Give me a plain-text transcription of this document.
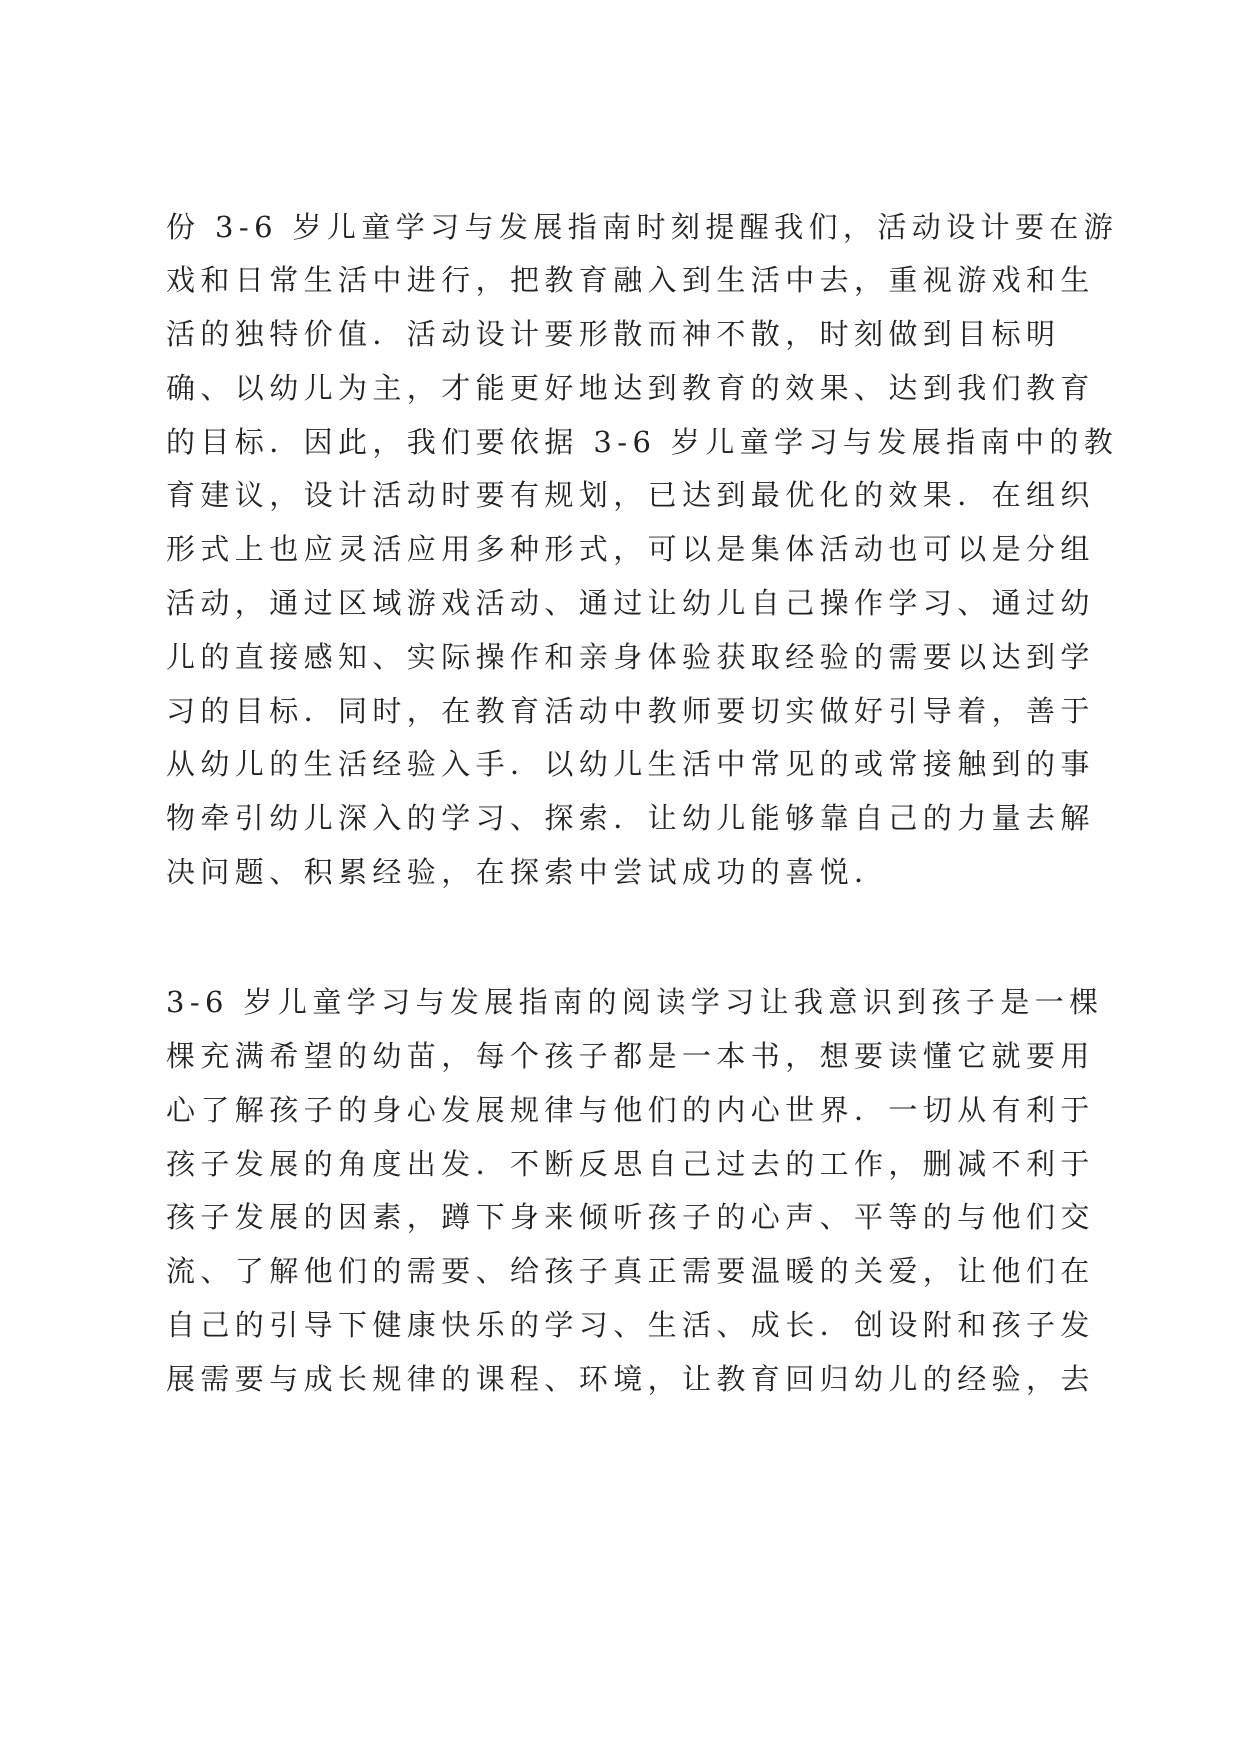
份 3-6 岁儿童学习与发展指南时刻提醒我们，活动设计要在游
戏和日常生活中进行，把教育融入到生活中去，重视游戏和生
活的独特价值．活动设计要形散而神不散，时刻做到目标明
确、以幼儿为主，才能更好地达到教育的效果、达到我们教育
的目标．因此，我们要依据 3-6 岁儿童学习与发展指南中的教
育建议，设计活动时要有规划，已达到最优化的效果．在组织
形式上也应灵活应用多种形式，可以是集体活动也可以是分组
活动，通过区域游戏活动、通过让幼儿自己操作学习、通过幼
儿的直接感知、实际操作和亲身体验获取经验的需要以达到学
习的目标．同时，在教育活动中教师要切实做好引导着，善于
从幼儿的生活经验入手．以幼儿生活中常见的或常接触到的事
物牵引幼儿深入的学习、探索．让幼儿能够靠自己的力量去解
决问题、积累经验，在探索中尝试成功的喜悦．
3-6 岁儿童学习与发展指南的阅读学习让我意识到孩子是一棵
棵充满希望的幼苗，每个孩子都是一本书，想要读懂它就要用
心了解孩子的身心发展规律与他们的内心世界．一切从有利于
孩子发展的角度出发．不断反思自己过去的工作，删减不利于
孩子发展的因素，蹲下身来倾听孩子的心声、平等的与他们交
流、了解他们的需要、给孩子真正需要温暖的关爱，让他们在
自己的引导下健康快乐的学习、生活、成长．创设附和孩子发
展需要与成长规律的课程、环境，让教育回归幼儿的经验，去
